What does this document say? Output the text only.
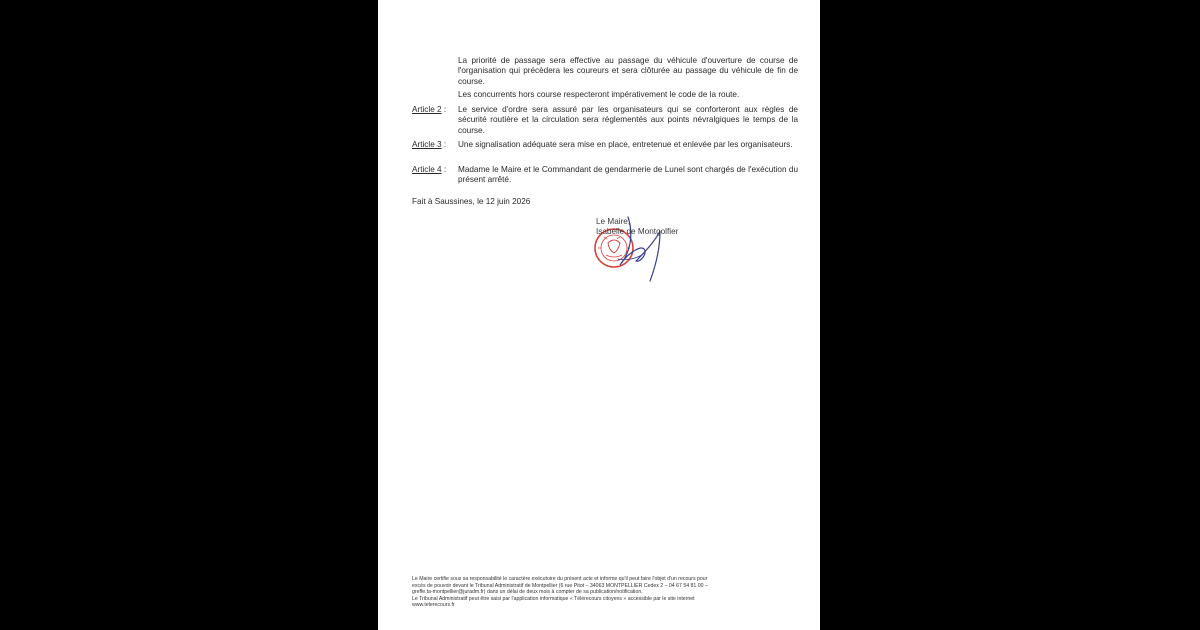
La priorité de passage sera effective au passage du véhicule d'ouverture de course de l'organisation qui précèdera les coureurs et sera clôturée au passage du véhicule de fin de course.

Les concurrents hors course respecteront impérativement le code de la route.

Article 2 : Le service d'ordre sera assuré par les organisateurs qui se conforteront aux règles de sécurité routière et la circulation sera réglementés aux points névralgiques le temps de la course.

Article 3 : Une signalisation adéquate sera mise en place, entretenue et enlevée par les organisateurs.

Article 4 : Madame le Maire et le Commandant de gendarmerie de Lunel sont chargés de l'exécution du présent arrêté.

Fait à Saussines, le 12 juin 2026
Le Maire,
Isabelle de Montgolfier

Le Maire certifie sous sa responsabilité le caractère exécutoire du présent acte et informe qu'il peut faire l'objet d'un recours pour
excès de pouvoir devant le Tribunal Administratif de Montpellier (6 rue Pitot – 34063 MONTPELLIER Cedex 2 – 04 67 54 81 00 –
greffe.ta-montpellier@juradm.fr) dans un délai de deux mois à compter de sa publication/notification.
Le Tribunal Administratif peut être saisi par l'application informatique « Télérecours citoyens » accessible par le site internet
www.telerecours.fr
